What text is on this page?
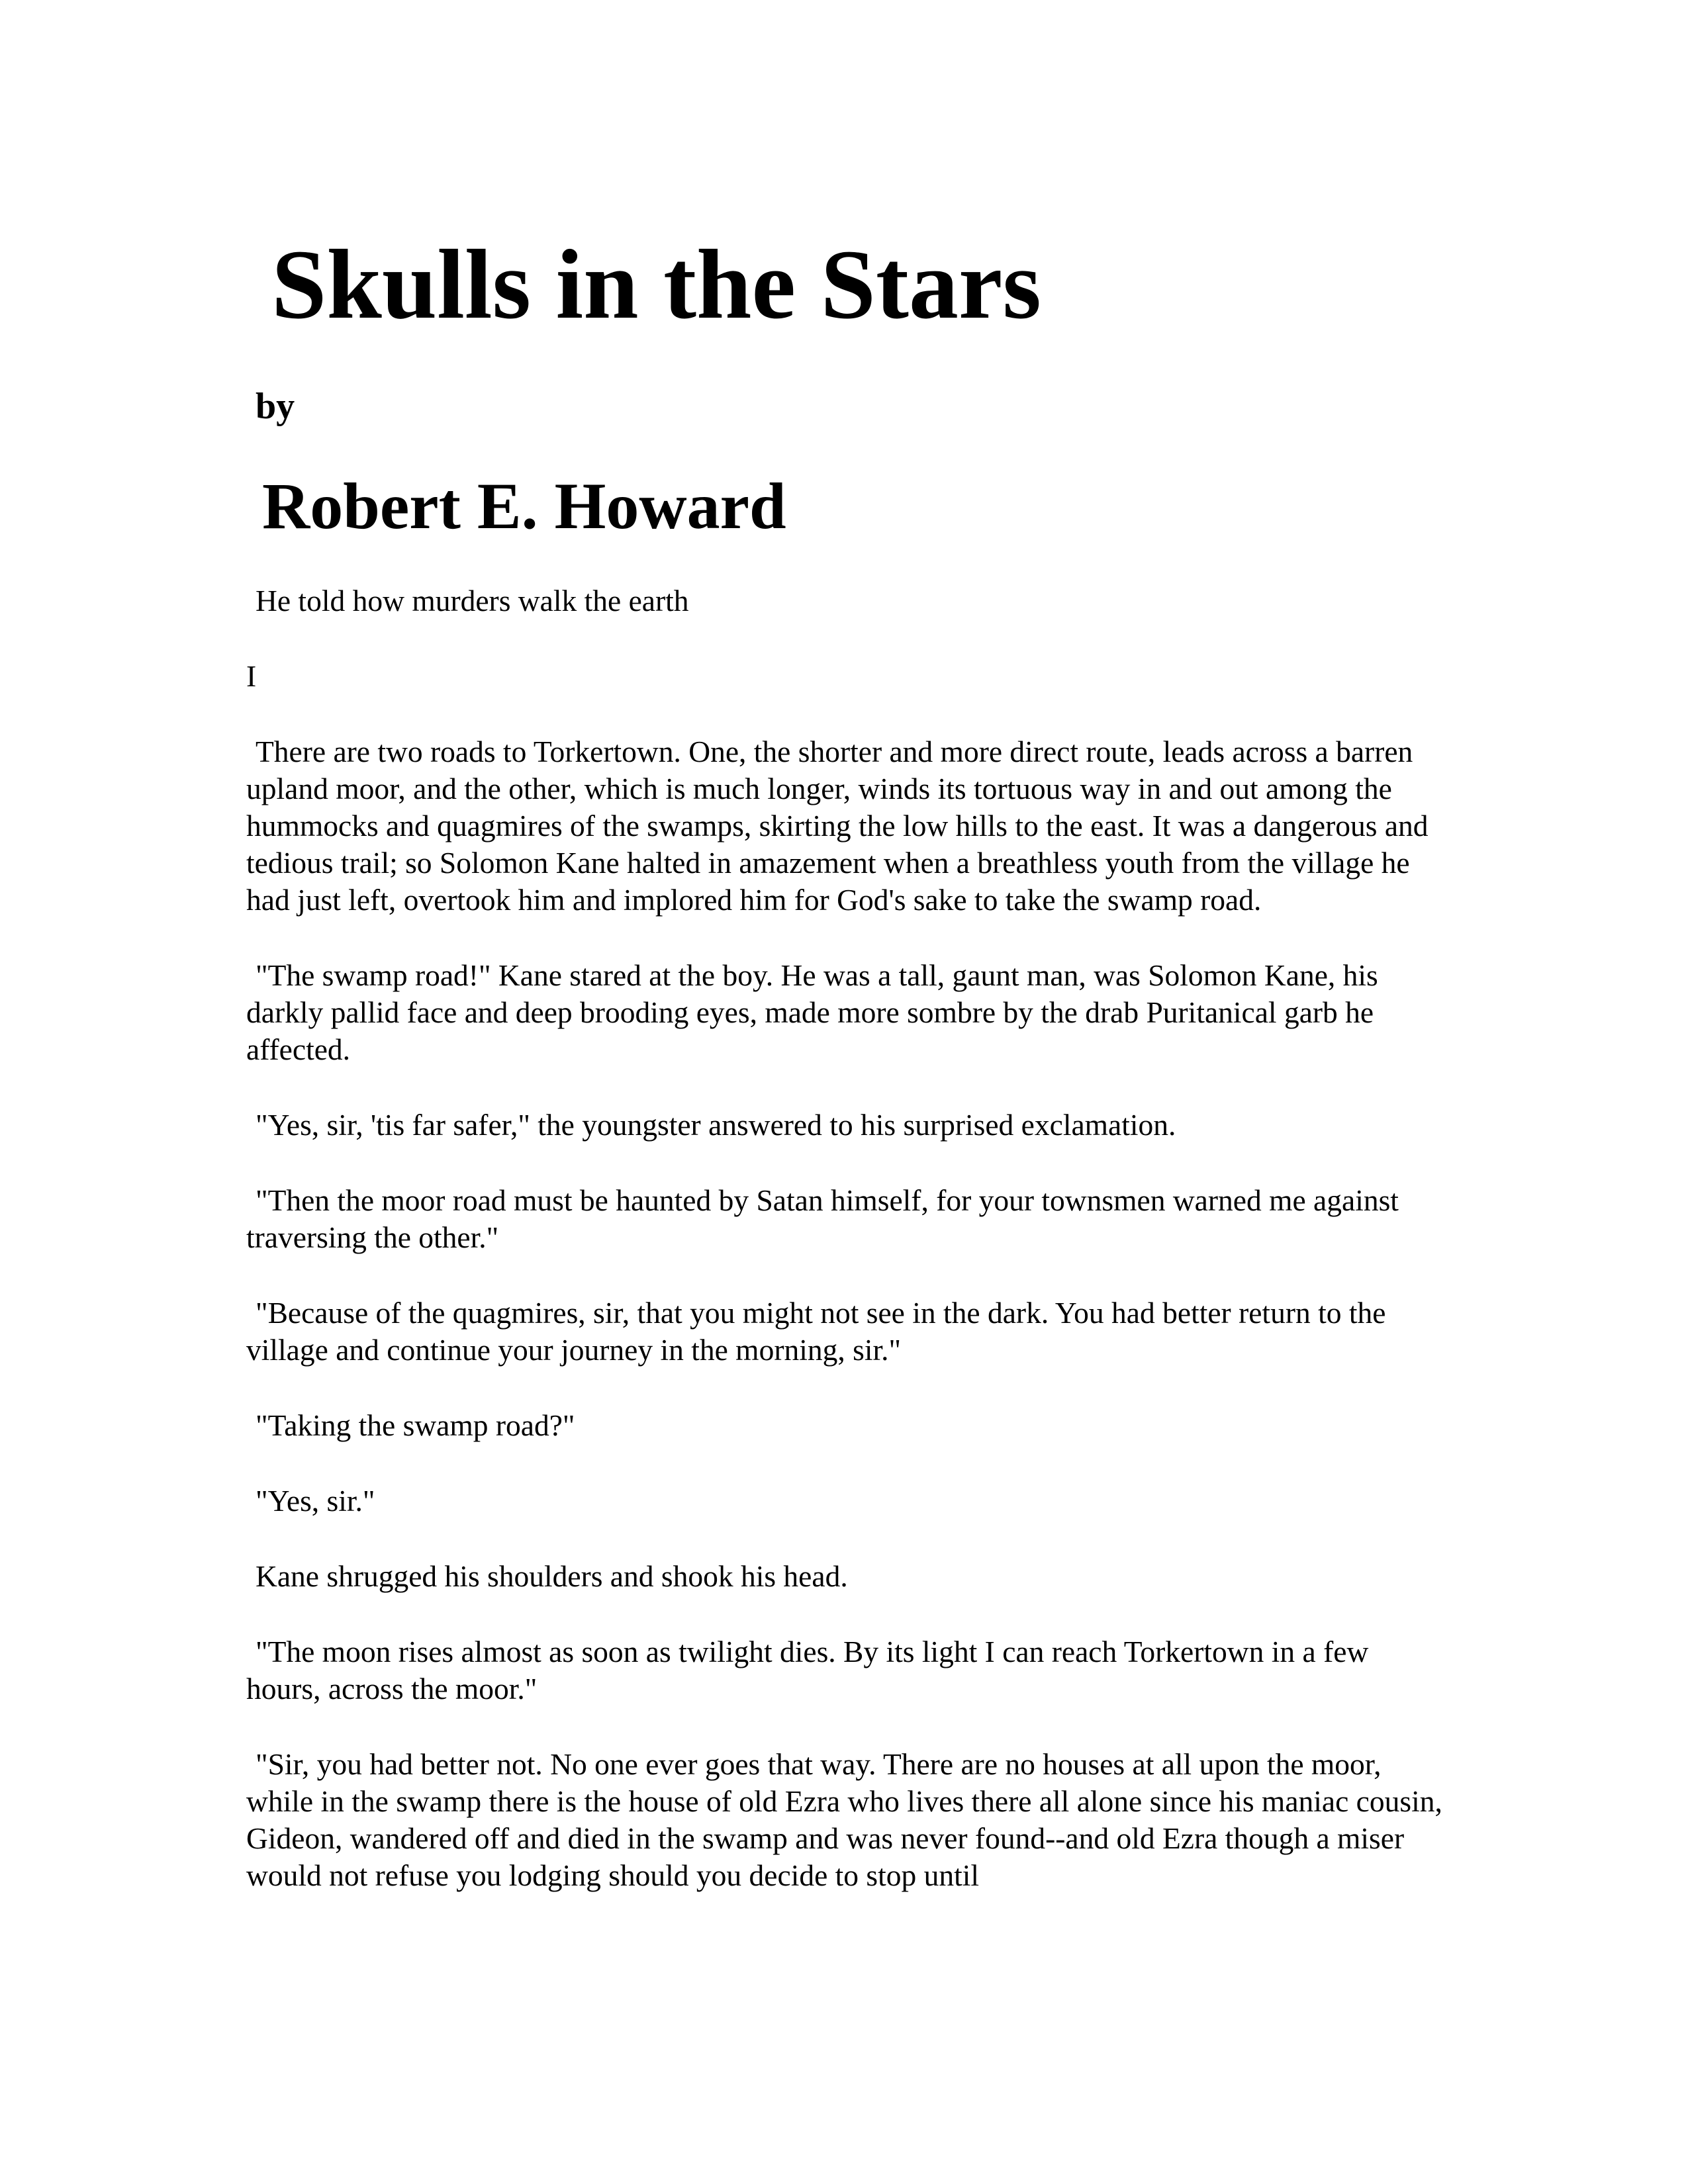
Skulls in the Stars
by
Robert E. Howard

He told how murders walk the earth

I

There are two roads to Torkertown. One, the shorter and more direct route, leads across a barren upland moor, and the other, which is much longer, winds its tortuous way in and out among the hummocks and quagmires of the swamps, skirting the low hills to the east. It was a dangerous and tedious trail; so Solomon Kane halted in amazement when a breathless youth from the village he had just left, overtook him and implored him for God's sake to take the swamp road.

"The swamp road!" Kane stared at the boy. He was a tall, gaunt man, was Solomon Kane, his darkly pallid face and deep brooding eyes, made more sombre by the drab Puritanical garb he affected.

"Yes, sir, 'tis far safer," the youngster answered to his surprised exclamation.

"Then the moor road must be haunted by Satan himself, for your townsmen warned me against traversing the other."

"Because of the quagmires, sir, that you might not see in the dark. You had better return to the village and continue your journey in the morning, sir."

"Taking the swamp road?"

"Yes, sir."

Kane shrugged his shoulders and shook his head.

"The moon rises almost as soon as twilight dies. By its light I can reach Torkertown in a few hours, across the moor."

"Sir, you had better not. No one ever goes that way. There are no houses at all upon the moor, while in the swamp there is the house of old Ezra who lives there all alone since his maniac cousin, Gideon, wandered off and died in the swamp and was never found--and old Ezra though a miser would not refuse you lodging should you decide to stop until
